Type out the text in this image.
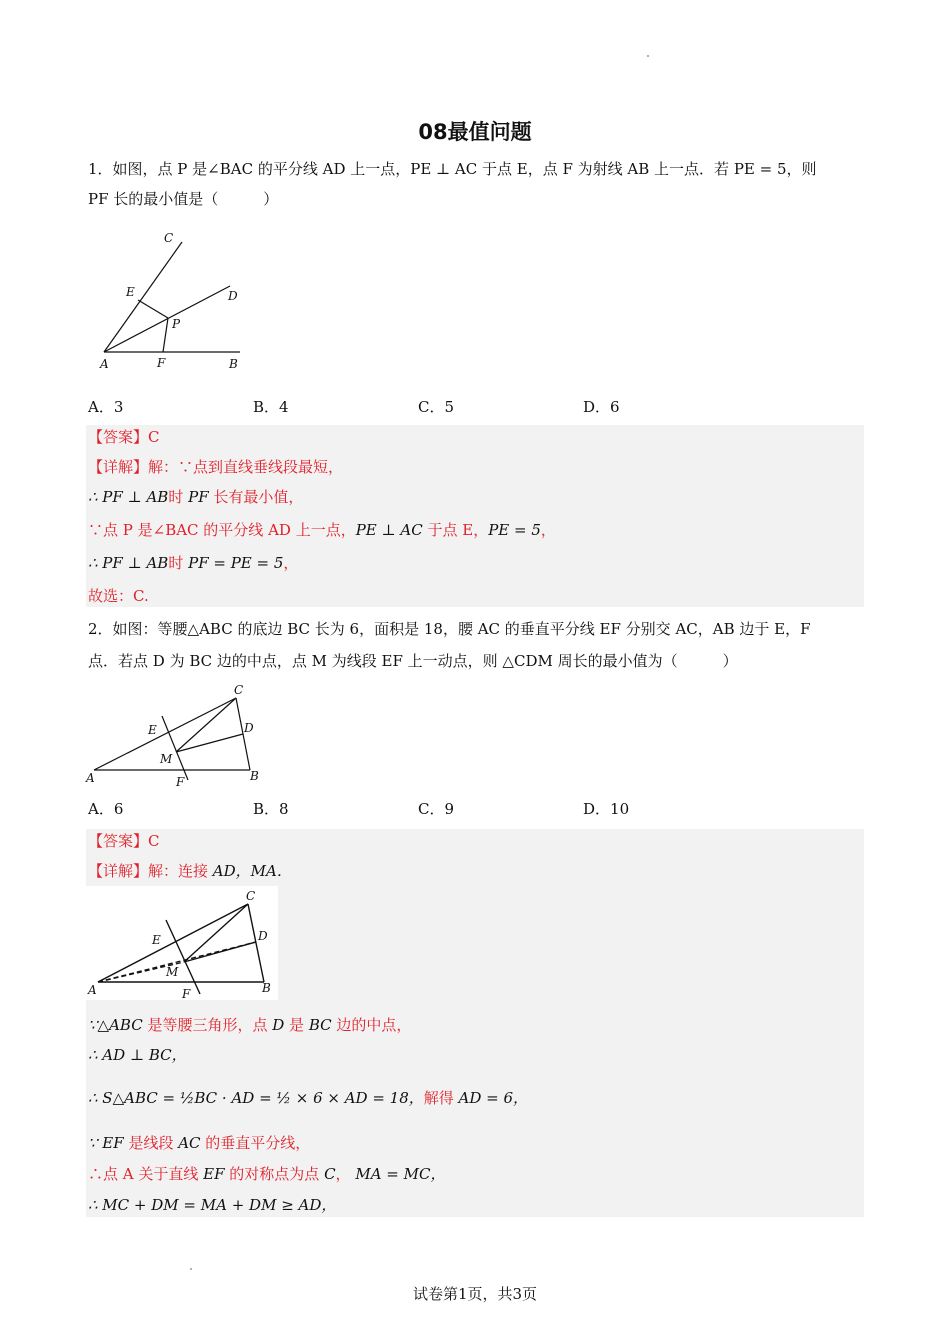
08最值问题
1．如图，点 P 是∠BAC 的平分线 AD 上一点，PE ⊥ AC 于点 E，点 F 为射线 AB 上一点．若 PE = 5，则
PF 长的最小值是（　　　）
C
E	D
P
A	F	B
A．3	B．4	C．5	D．6
【答案】C
【详解】解：∵点到直线垂线段最短，
∴ PF ⊥ AB时 PF 长有最小值，
∵点 P 是∠BAC 的平分线 AD 上一点，PE ⊥ AC 于点 E，PE = 5，
∴ PF ⊥ AB时 PF = PE = 5，
故选：C.
2．如图：等腰△ABC 的底边 BC 长为 6，面积是 18，腰 AC 的垂直平分线 EF 分别交 AC，AB 边于 E，F
点．若点 D 为 BC 边的中点，点 M 为线段 EF 上一动点，则 △CDM 周长的最小值为（　　　）
C
E	D
M
A	F	B
A．6	B．8	C．9	D．10
【答案】C
【详解】解：连接 AD，MA．
C
E	D
M
A	F	B
∵△ABC 是等腰三角形，点 D 是 BC 边的中点，
∴ AD ⊥ BC，
∴ S△ABC = ½BC · AD = ½ × 6 × AD = 18，解得 AD = 6，
∵ EF 是线段 AC 的垂直平分线，
∴点 A 关于直线 EF 的对称点为点 C， MA = MC，
∴ MC + DM = MA + DM ≥ AD，
试卷第1页，共3页
